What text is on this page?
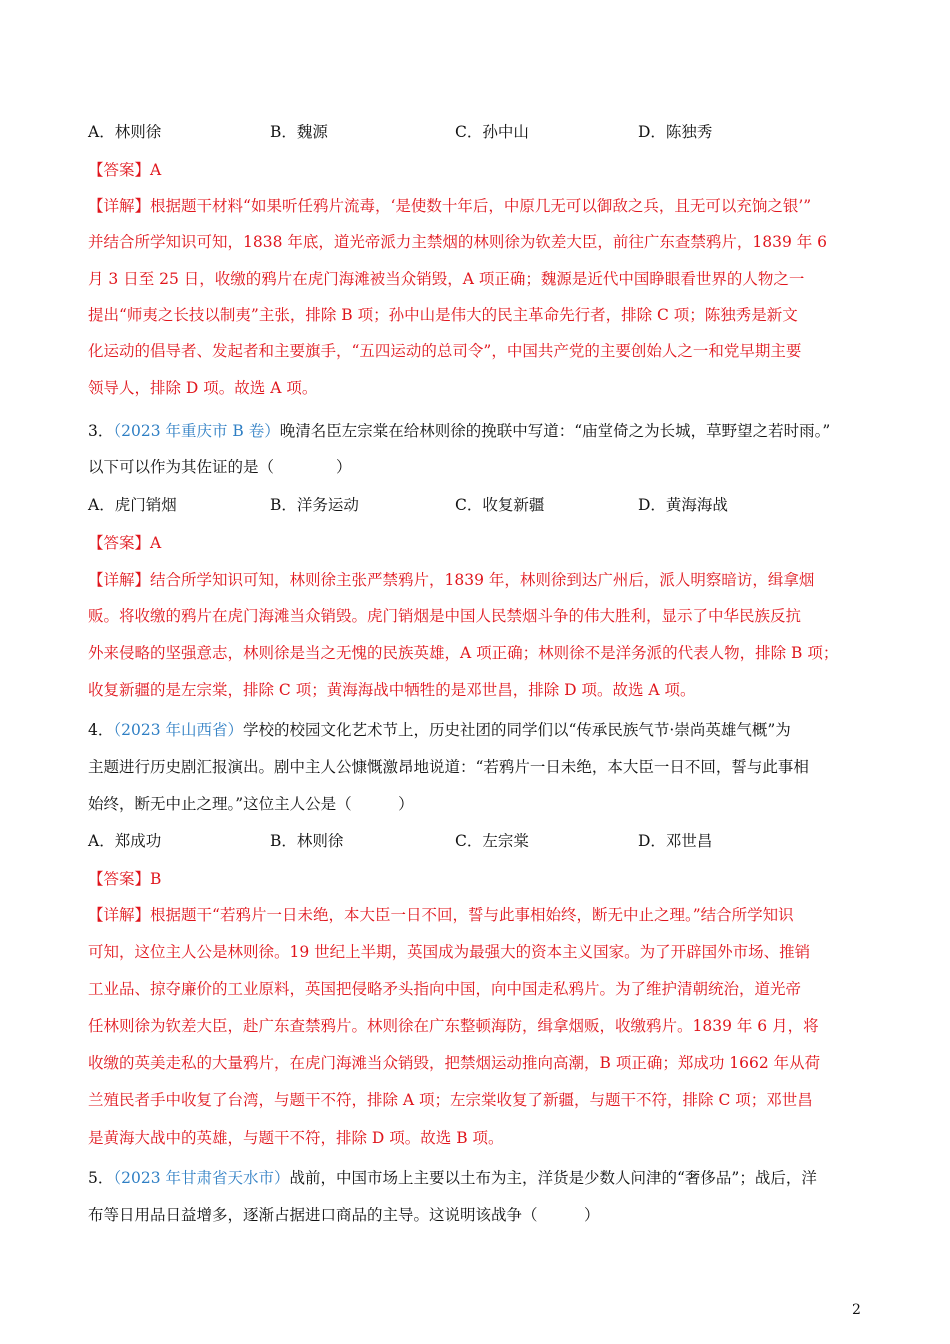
A．林则徐	B．魏源	C．孙中山	D．陈独秀
【答案】A
【详解】根据题干材料“如果听任鸦片流毒，‘是使数十年后，中原几无可以御敌之兵，且无可以充饷之银’”
并结合所学知识可知，1838 年底，道光帝派力主禁烟的林则徐为钦差大臣，前往广东查禁鸦片，1839 年 6
月 3 日至 25 日，收缴的鸦片在虎门海滩被当众销毁，A 项正确；魏源是近代中国睁眼看世界的人物之一
提出“师夷之长技以制夷”主张，排除 B 项；孙中山是伟大的民主革命先行者，排除 C 项；陈独秀是新文
化运动的倡导者、发起者和主要旗手，“五四运动的总司令”，中国共产党的主要创始人之一和党早期主要
领导人，排除 D 项。故选 A 项。
3．（2023 年重庆市 B 卷）晚清名臣左宗棠在给林则徐的挽联中写道：“庙堂倚之为长城，草野望之若时雨。”
以下可以作为其佐证的是（　　　　）
A．虎门销烟	B．洋务运动	C．收复新疆	D．黄海海战
【答案】A
【详解】结合所学知识可知，林则徐主张严禁鸦片，1839 年，林则徐到达广州后，派人明察暗访，缉拿烟
贩。将收缴的鸦片在虎门海滩当众销毁。虎门销烟是中国人民禁烟斗争的伟大胜利，显示了中华民族反抗
外来侵略的坚强意志，林则徐是当之无愧的民族英雄，A 项正确；林则徐不是洋务派的代表人物，排除 B 项；
收复新疆的是左宗棠，排除 C 项；黄海海战中牺牲的是邓世昌，排除 D 项。故选 A 项。
4．（2023 年山西省）学校的校园文化艺术节上，历史社团的同学们以“传承民族气节·崇尚英雄气概”为
主题进行历史剧汇报演出。剧中主人公慷慨激昂地说道：“若鸦片一日未绝，本大臣一日不回，誓与此事相
始终，断无中止之理。”这位主人公是（　　　）
A．郑成功	B．林则徐	C．左宗棠	D．邓世昌
【答案】B
【详解】根据题干“若鸦片一日未绝，本大臣一日不回，誓与此事相始终，断无中止之理。”结合所学知识
可知，这位主人公是林则徐。19 世纪上半期，英国成为最强大的资本主义国家。为了开辟国外市场、推销
工业品、掠夺廉价的工业原料，英国把侵略矛头指向中国，向中国走私鸦片。为了维护清朝统治，道光帝
任林则徐为钦差大臣，赴广东查禁鸦片。林则徐在广东整顿海防，缉拿烟贩，收缴鸦片。1839 年 6 月，将
收缴的英美走私的大量鸦片，在虎门海滩当众销毁，把禁烟运动推向高潮，B 项正确；郑成功 1662 年从荷
兰殖民者手中收复了台湾，与题干不符，排除 A 项；左宗棠收复了新疆，与题干不符，排除 C 项；邓世昌
是黄海大战中的英雄，与题干不符，排除 D 项。故选 B 项。
5．（2023 年甘肃省天水市）战前，中国市场上主要以土布为主，洋货是少数人问津的“奢侈品”；战后，洋
布等日用品日益增多，逐渐占据进口商品的主导。这说明该战争（　　　）
2
